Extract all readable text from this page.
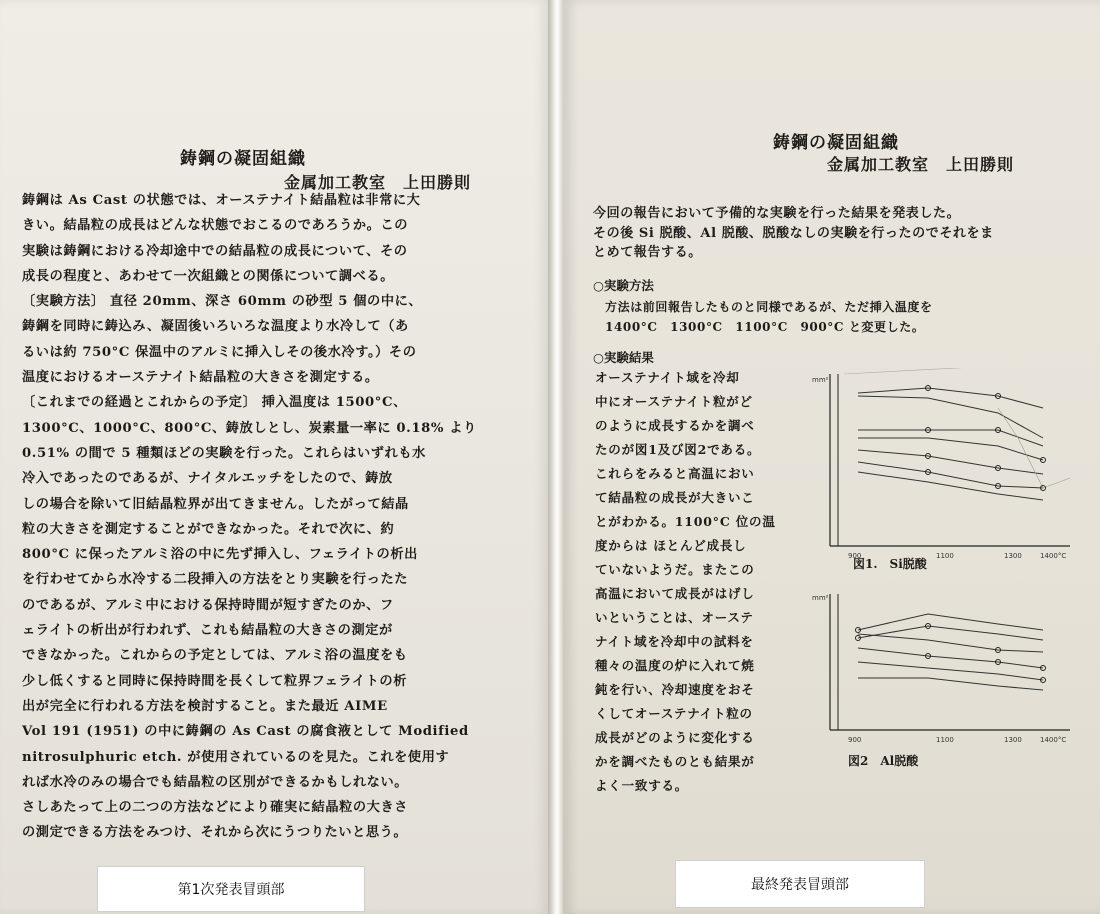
鋳鋼の凝固組織
金属加工教室　上田勝則
鋳鋼は As Cast の状態では、オーステナイト結晶粒は非常に大
きい。結晶粒の成長はどんな状態でおこるのであろうか。この
実験は鋳鋼における冷却途中での結晶粒の成長について、その
成長の程度と、あわせて一次組織との関係について調べる。
〔実験方法〕 直径 20mm、深さ 60mm の砂型 5 個の中に、
鋳鋼を同時に鋳込み、凝固後いろいろな温度より水冷して（あ
るいは約 750°C 保温中のアルミに挿入しその後水冷す。）その
温度におけるオーステナイト結晶粒の大きさを測定する。
〔これまでの経過とこれからの予定〕 挿入温度は 1500°C、
1300°C、1000°C、800°C、鋳放しとし、炭素量一率に 0.18% より
0.51% の間で 5 種類ほどの実験を行った。これらはいずれも水
冷入であったのであるが、ナイタルエッチをしたので、鋳放
しの場合を除いて旧結晶粒界が出てきません。したがって結晶
粒の大きさを測定することができなかった。それで次に、約
800°C に保ったアルミ浴の中に先ず挿入し、フェライトの析出
を行わせてから水冷する二段挿入の方法をとり実験を行ったた
のであるが、アルミ中における保持時間が短すぎたのか、フ
ェライトの析出が行われず、これも結晶粒の大きさの測定が
できなかった。これからの予定としては、アルミ浴の温度をも
少し低くすると同時に保持時間を長くして粒界フェライトの析
出が完全に行われる方法を検討すること。また最近 AIME
Vol 191 (1951) の中に鋳鋼の As Cast の腐食液として Modified
nitrosulphuric etch. が使用されているのを見た。これを使用す
れば水冷のみの場合でも結晶粒の区別ができるかもしれない。
さしあたって上の二つの方法などにより確実に結晶粒の大きさ
の測定できる方法をみつけ、それから次にうつりたいと思う。
第1次発表冒頭部
鋳鋼の凝固組織
金属加工教室　上田勝則
今回の報告において予備的な実験を行った結果を発表した。
その後 Si 脱酸、Al 脱酸、脱酸なしの実験を行ったのでそれをま
とめて報告する。
○実験方法
方法は前回報告したものと同様であるが、ただ挿入温度を
1400°C　1300°C　1100°C　900°C と変更した。
○実験結果
オーステナイト域を冷却
中にオーステナイト粒がど
のように成長するかを調べ
たのが図1及び図2である。
これらをみると高温におい
て結晶粒の成長が大きいこ
とがわかる。1100°C 位の温
度からは ほとんど成長し
ていないようだ。またこの
高温において成長がはげし
いということは、オーステ
ナイト域を冷却中の試料を
種々の温度の炉に入れて焼
鈍を行い、冷却速度をおそ
くしてオーステナイト粒の
成長がどのように変化する
かを調べたものとも結果が
よく一致する。
mm²
900	1100	1300	1400°C
図1.　Si脱酸
mm²
900	1100	1300	1400°C
図2　Al脱酸
最終発表冒頭部
